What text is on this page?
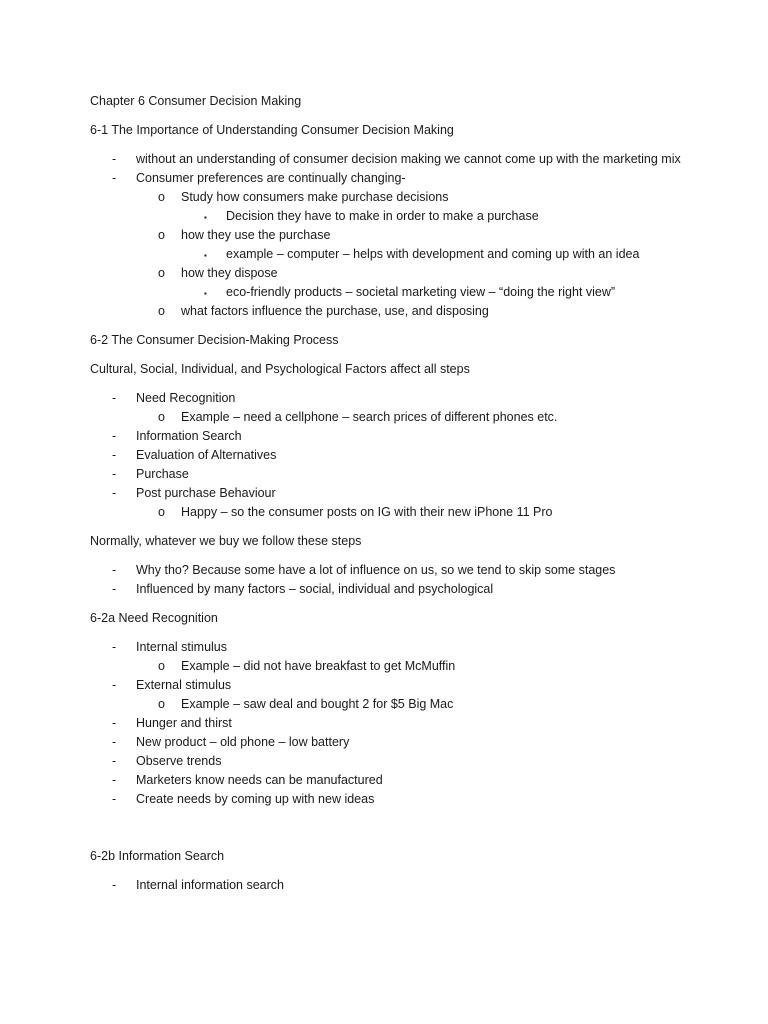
Chapter 6 Consumer Decision Making
6-1 The Importance of Understanding Consumer Decision Making
- without an understanding of consumer decision making we cannot come up with the marketing mix
- Consumer preferences are continually changing-
o Study how consumers make purchase decisions
▪ Decision they have to make in order to make a purchase
o how they use the purchase
▪ example – computer – helps with development and coming up with an idea
o how they dispose
▪ eco-friendly products – societal marketing view – “doing the right view”
o what factors influence the purchase, use, and disposing
6-2 The Consumer Decision-Making Process
Cultural, Social, Individual, and Psychological Factors affect all steps
- Need Recognition
o Example – need a cellphone – search prices of different phones etc.
- Information Search
- Evaluation of Alternatives
- Purchase
- Post purchase Behaviour
o Happy – so the consumer posts on IG with their new iPhone 11 Pro
Normally, whatever we buy we follow these steps
- Why tho? Because some have a lot of influence on us, so we tend to skip some stages
- Influenced by many factors – social, individual and psychological
6-2a Need Recognition
- Internal stimulus
o Example – did not have breakfast to get McMuffin
- External stimulus
o Example – saw deal and bought 2 for $5 Big Mac
- Hunger and thirst
- New product – old phone – low battery
- Observe trends
- Marketers know needs can be manufactured
- Create needs by coming up with new ideas
6-2b Information Search
- Internal information search
